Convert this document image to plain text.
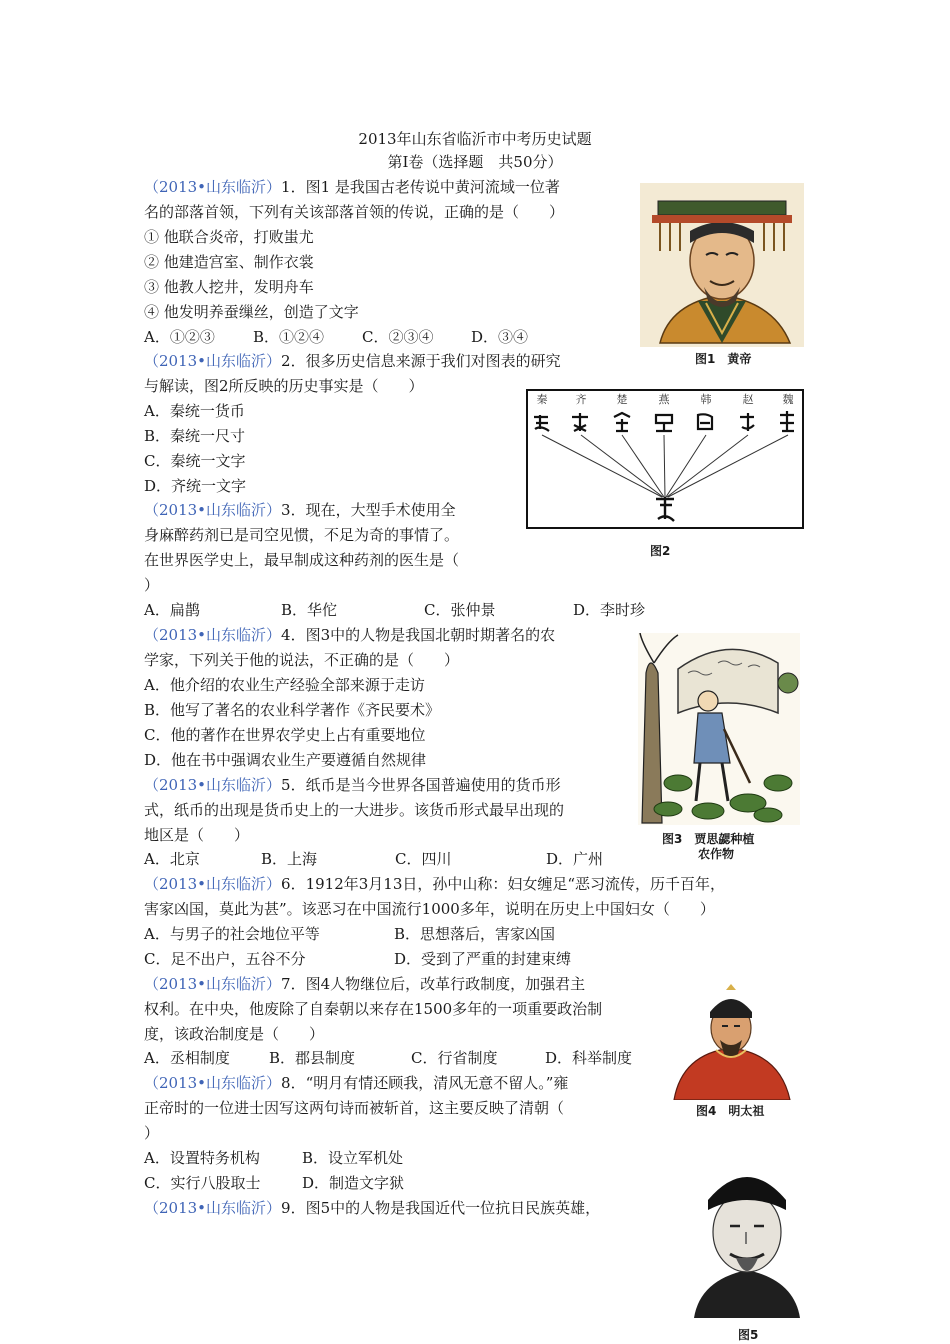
2013年山东省临沂市中考历史试题
第Ⅰ卷（选择题　共50分）
（2013•山东临沂）1．图1 是我国古老传说中黄河流域一位著
名的部落首领，下列有关该部落首领的传说，正确的是（　　）
① 他联合炎帝，打败蚩尤
② 他建造宫室、制作衣裳
③ 他教人挖井，发明舟车
④ 他发明养蚕缫丝，创造了文字
A．①②③	B．①②④	C．②③④	D．③④
（2013•山东临沂）2．很多历史信息来源于我们对图表的研究
与解读，图2所反映的历史事实是（　　）
A．秦统一货币
B．秦统一尺寸
C．秦统一文字
D．齐统一文字
（2013•山东临沂）3．现在，大型手术使用全
身麻醉药剂已是司空见惯，不足为奇的事情了。
在世界医学史上，最早制成这种药剂的医生是（
）
A．扁鹊	B．华佗	C．张仲景	D．李时珍
（2013•山东临沂）4．图3中的人物是我国北朝时期著名的农
学家，下列关于他的说法，不正确的是（　　）
A．他介绍的农业生产经验全部来源于走访
B．他写了著名的农业科学著作《齐民要术》
C．他的著作在世界农学史上占有重要地位
D．他在书中强调农业生产要遵循自然规律
（2013•山东临沂）5．纸币是当今世界各国普遍使用的货币形
式，纸币的出现是货币史上的一大进步。该货币形式最早出现的
地区是（　　）
A．北京	B．上海	C．四川	D．广州
（2013•山东临沂）6．1912年3月13日，孙中山称：妇女缠足“恶习流传，历千百年，
害家凶国，莫此为甚”。该恶习在中国流行1000多年，说明在历史上中国妇女（　　）
A．与男子的社会地位平等	B．思想落后，害家凶国
C．足不出户，五谷不分	D．受到了严重的封建束缚
（2013•山东临沂）7．图4人物继位后，改革行政制度，加强君主
权利。在中央，他废除了自秦朝以来存在1500多年的一项重要政治制
度，该政治制度是（　　）
A．丞相制度	B．郡县制度	C．行省制度	D．科举制度
（2013•山东临沂）8．“明月有情还顾我，清风无意不留人。”雍
正帝时的一位进士因写这两句诗而被斩首，这主要反映了清朝（
）
A．设置特务机构	B．设立军机处
C．实行八股取士	D．制造文字狱
（2013•山东临沂）9．图5中的人物是我国近代一位抗日民族英雄，
图1　黄帝
秦	齐	楚	燕	韩	赵	魏
图2
图3　贾思勰种植
农作物
图4　明太祖
图5
